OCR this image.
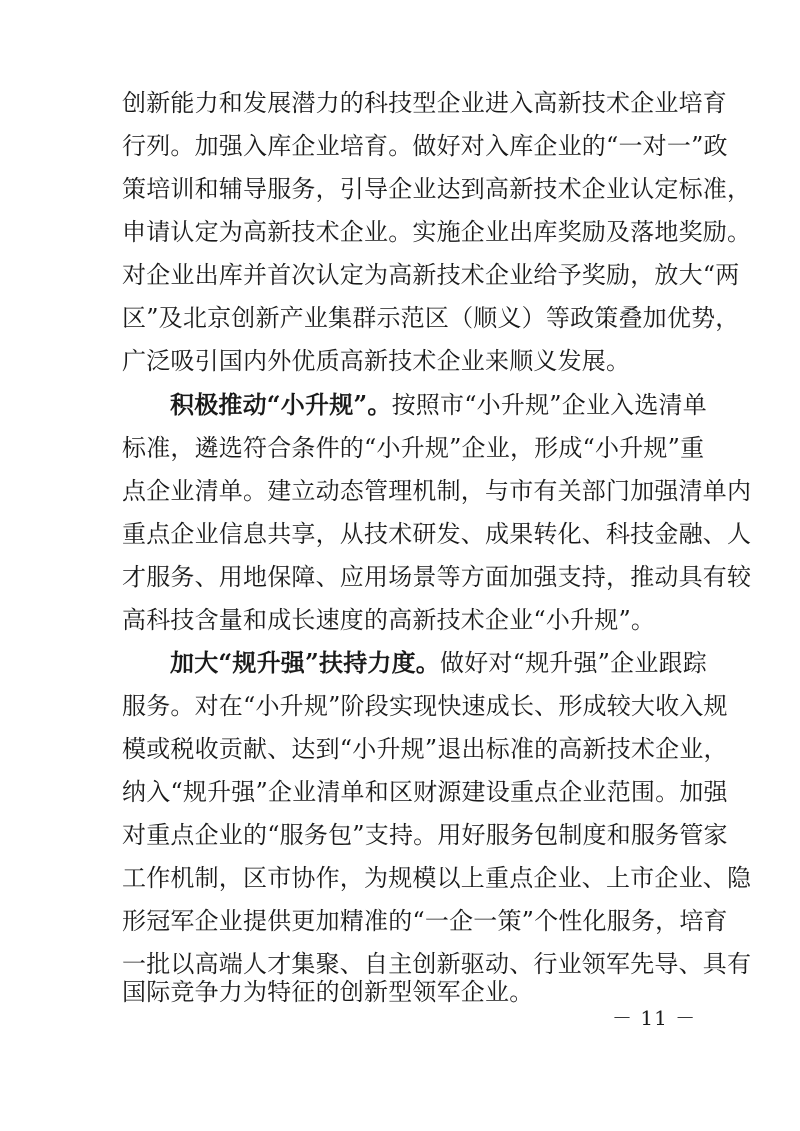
创新能力和发展潜力的科技型企业进入高新技术企业培育
行列。加强入库企业培育。做好对入库企业的“一对一”政
策培训和辅导服务，引导企业达到高新技术企业认定标准，
申请认定为高新技术企业。实施企业出库奖励及落地奖励。
对企业出库并首次认定为高新技术企业给予奖励，放大“两
区”及北京创新产业集群示范区（顺义）等政策叠加优势，
广泛吸引国内外优质高新技术企业来顺义发展。
积极推动“小升规”。按照市“小升规”企业入选清单
标准，遴选符合条件的“小升规”企业，形成“小升规”重
点企业清单。建立动态管理机制，与市有关部门加强清单内
重点企业信息共享，从技术研发、成果转化、科技金融、人
才服务、用地保障、应用场景等方面加强支持，推动具有较
高科技含量和成长速度的高新技术企业“小升规”。
加大“规升强”扶持力度。做好对“规升强”企业跟踪
服务。对在“小升规”阶段实现快速成长、形成较大收入规
模或税收贡献、达到“小升规”退出标准的高新技术企业，
纳入“规升强”企业清单和区财源建设重点企业范围。加强
对重点企业的“服务包”支持。用好服务包制度和服务管家
工作机制，区市协作，为规模以上重点企业、上市企业、隐
形冠军企业提供更加精准的“一企一策”个性化服务，培育
一批以高端人才集聚、自主创新驱动、行业领军先导、具有
国际竞争力为特征的创新型领军企业。
－ 11 －
